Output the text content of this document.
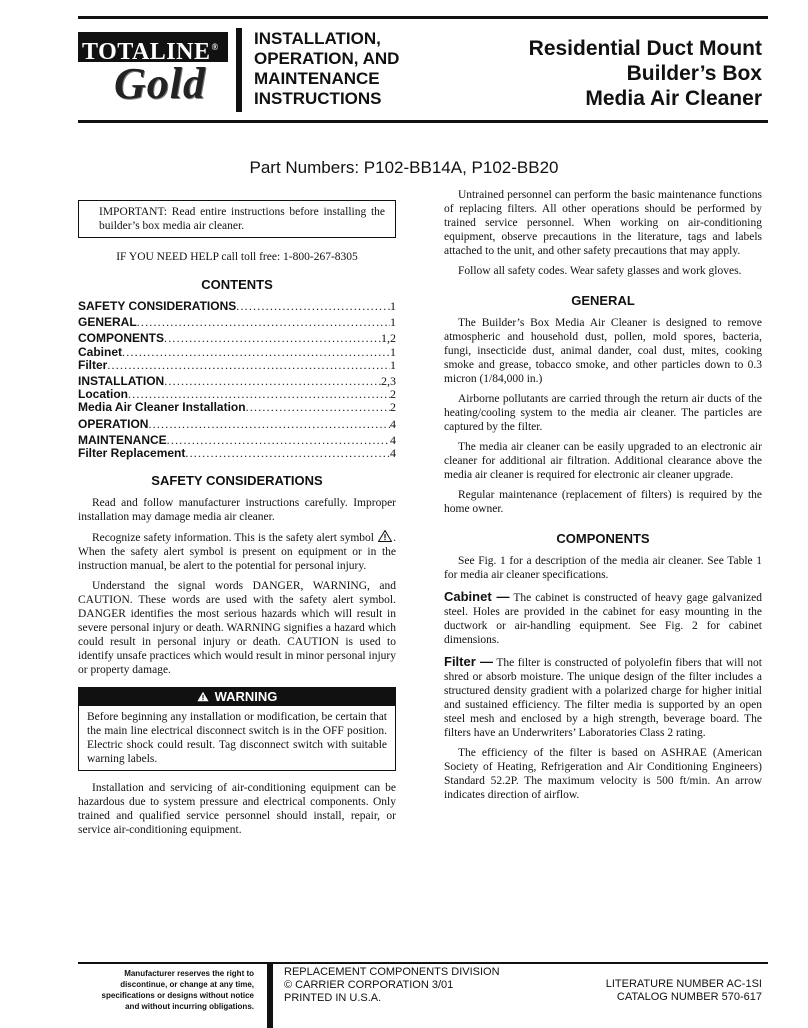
TOTALINE®
Gold
INSTALLATION,
OPERATION, AND
MAINTENANCE
INSTRUCTIONS
Residential Duct Mount
Builder’s Box
Media Air Cleaner
Part Numbers: P102-BB14A, P102-BB20

IMPORTANT: Read entire instructions before installing the builder’s box media air cleaner.

IF YOU NEED HELP call toll free: 1-800-267-8305

CONTENTS
SAFETY CONSIDERATIONS .....	1
GENERAL .....	1
COMPONENTS .....	1,2
Cabinet .....	1
Filter .....	1
INSTALLATION .....	2,3
Location .....	2
Media Air Cleaner Installation .....	2
OPERATION .....	4
MAINTENANCE .....	4
Filter Replacement .....	4
SAFETY CONSIDERATIONS

Read and follow manufacturer instructions carefully. Improper installation may damage media air cleaner.

Recognize safety information. This is the safety alert symbol . When the safety alert symbol is present on equipment or in the instruction manual, be alert to the potential for personal injury.

Understand the signal words DANGER, WARNING, and CAUTION. These words are used with the safety alert symbol. DANGER identifies the most serious hazards which will result in severe personal injury or death. WARNING signifies a hazard which could result in personal injury or death. CAUTION is used to identify unsafe practices which would result in minor personal injury or property damage.

WARNING

Before beginning any installation or modification, be certain that the main line electrical disconnect switch is in the OFF position. Electric shock could result. Tag disconnect switch with suitable warning labels.

Installation and servicing of air-conditioning equipment can be hazardous due to system pressure and electrical components. Only trained and qualified service personnel should install, repair, or service air-conditioning equipment.

Untrained personnel can perform the basic maintenance functions of replacing filters. All other operations should be performed by trained service personnel. When working on air-conditioning equipment, observe precautions in the literature, tags and labels attached to the unit, and other safety precautions that may apply.

Follow all safety codes. Wear safety glasses and work gloves.

GENERAL

The Builder’s Box Media Air Cleaner is designed to remove atmospheric and household dust, pollen, mold spores, bacteria, fungi, insecticide dust, animal dander, coal dust, mites, cooking smoke and grease, tobacco smoke, and other particles down to 0.3 micron (1/84,000 in.)

Airborne pollutants are carried through the return air ducts of the heating/cooling system to the media air cleaner. The particles are captured by the filter.

The media air cleaner can be easily upgraded to an electronic air cleaner for additional air filtration. Additional clearance above the media air cleaner is required for electronic air cleaner upgrade.

Regular maintenance (replacement of filters) is required by the home owner.

COMPONENTS

See Fig. 1 for a description of the media air cleaner. See Table 1 for media air cleaner specifications.

Cabinet — The cabinet is constructed of heavy gage galvanized steel. Holes are provided in the cabinet for easy mounting in the ductwork or air-handling equipment. See Fig. 2 for cabinet dimensions.

Filter — The filter is constructed of polyolefin fibers that will not shred or absorb moisture. The unique design of the filter includes a structured density gradient with a polarized charge for higher initial and sustained efficiency. The filter media is supported by an open steel mesh and enclosed by a high strength, beverage board. The filters have an Underwriters’ Laboratories Class 2 rating.

The efficiency of the filter is based on ASHRAE (American Society of Heating, Refrigeration and Air Conditioning Engineers) Standard 52.2P. The maximum velocity is 500 ft/min. An arrow indicates direction of airflow.

Manufacturer reserves the right to
discontinue, or change at any time,
specifications or designs without notice
and without incurring obligations.
REPLACEMENT COMPONENTS DIVISION
© CARRIER CORPORATION 3/01
PRINTED IN U.S.A.
LITERATURE NUMBER AC-1SI
CATALOG NUMBER 570-617
